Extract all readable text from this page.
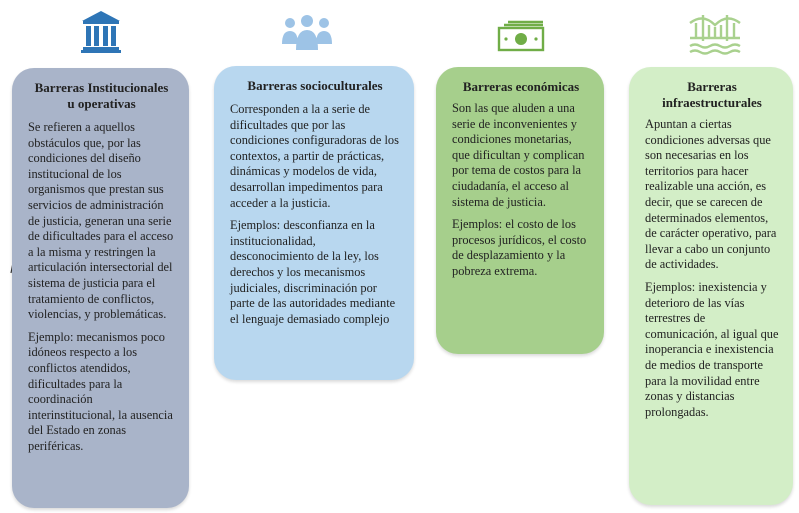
Barreras Institucionales
u operativas

Se refieren a aquellos obstáculos que, por las condiciones del diseño institucional de los organismos que prestan sus servicios de administración de justicia, generan una serie de dificultades para el acceso a la misma y restringen la articulación intersectorial del sistema de justicia para el tratamiento de conflictos, violencias, y problemáticas.

Ejemplo: mecanismos poco idóneos respecto a los conflictos atendidos, dificultades para la coordinación interinstitucional, la ausencia del Estado en zonas periféricas.

Barreras socioculturales

Corresponden a la a serie de dificultades que por las condiciones configuradoras de los contextos, a partir de prácticas, dinámicas y modelos de vida, desarrollan impedimentos para acceder a la justicia.

Ejemplos: desconfianza en la institucionalidad, desconocimiento de la ley, los derechos y los mecanismos judiciales, discriminación por parte de las autoridades mediante el lenguaje demasiado complejo

Barreras económicas

Son las que aluden a una serie de inconvenientes y condiciones monetarias, que dificultan y complican por tema de costos para la ciudadanía, el acceso al sistema de justicia.

Ejemplos: el costo de los procesos jurídicos, el costo de desplazamiento y la pobreza extrema.

Barreras
infraestructurales

Apuntan a ciertas condiciones adversas que son necesarias en los territorios para hacer realizable una acción, es decir, que se carecen de determinados elementos, de carácter operativo, para llevar a cabo un conjunto de actividades.

Ejemplos: inexistencia y deterioro de las vías terrestres de comunicación, al igual que inoperancia e inexistencia de medios de transporte para la movilidad entre zonas y distancias prolongadas.
